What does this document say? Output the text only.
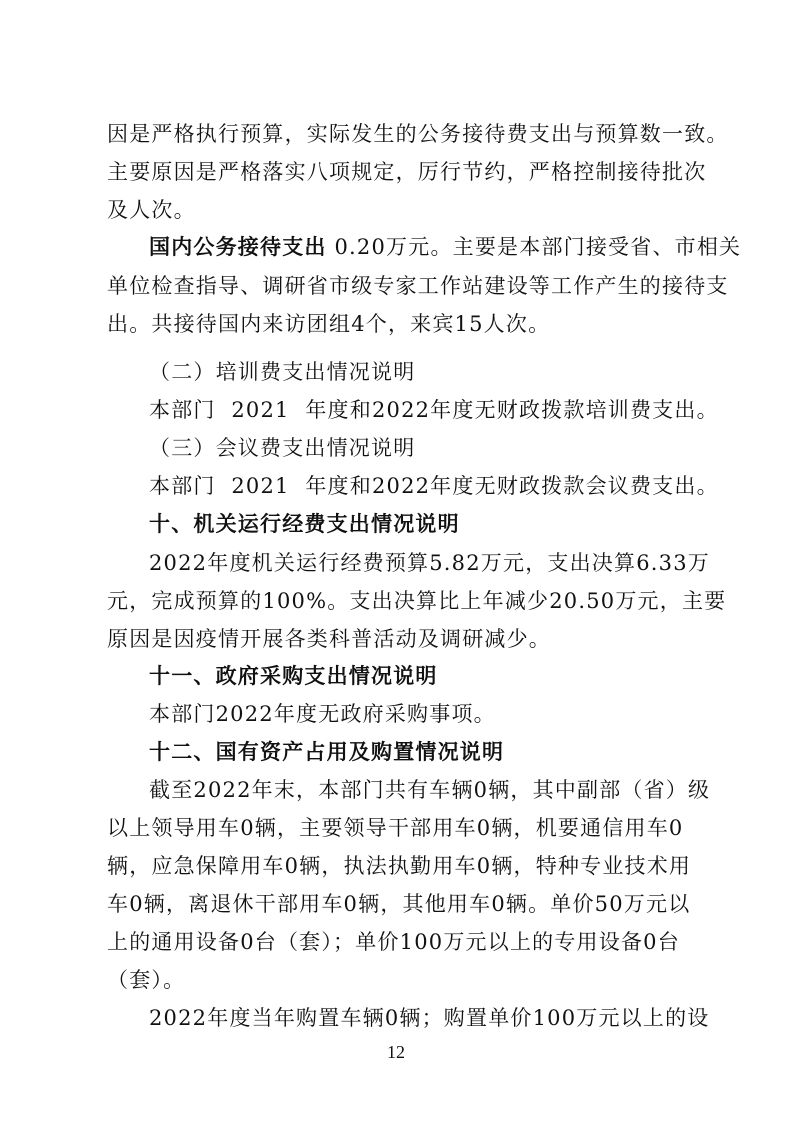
因是严格执行预算，实际发生的公务接待费支出与预算数一致。
主要原因是严格落实八项规定，厉行节约，严格控制接待批次
及人次。
国内公务接待支出 0.20万元。主要是本部门接受省、市相关
单位检查指导、调研省市级专家工作站建设等工作产生的接待支
出。共接待国内来访团组4个，来宾15人次。
（二）培训费支出情况说明
本部门  2021  年度和2022年度无财政拨款培训费支出。
（三）会议费支出情况说明
本部门  2021  年度和2022年度无财政拨款会议费支出。
十、机关运行经费支出情况说明
2022年度机关运行经费预算5.82万元，支出决算6.33万
元，完成预算的100%。支出决算比上年减少20.50万元，主要
原因是因疫情开展各类科普活动及调研减少。
十一、政府采购支出情况说明
本部门2022年度无政府采购事项。
十二、国有资产占用及购置情况说明
截至2022年末，本部门共有车辆0辆，其中副部（省）级
以上领导用车0辆，主要领导干部用车0辆，机要通信用车0
辆，应急保障用车0辆，执法执勤用车0辆，特种专业技术用
车0辆，离退休干部用车0辆，其他用车0辆。单价50万元以
上的通用设备0台（套）；单价100万元以上的专用设备0台
（套）。
2022年度当年购置车辆0辆；购置单价100万元以上的设
12
